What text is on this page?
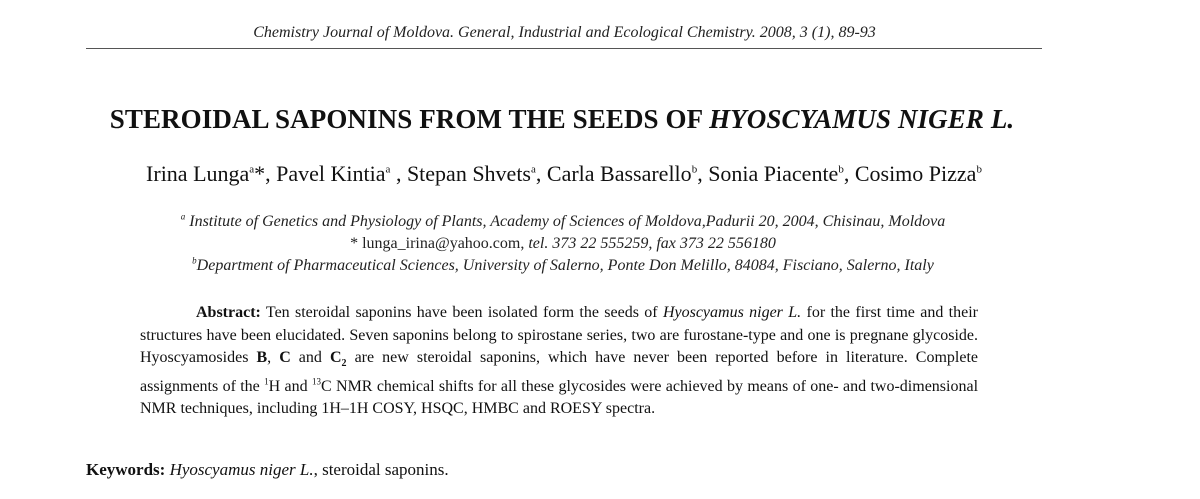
Chemistry Journal of Moldova. General, Industrial and Ecological Chemistry. 2008, 3 (1), 89-93
STEROIDAL SAPONINS FROM THE SEEDS OF HYOSCYAMUS NIGER L.
Irina Lunga$^a$*, Pavel Kintia$^a$ , Stepan Shvets$^a$, Carla Bassarello$^b$, Sonia Piacente$^b$, Cosimo Pizza$^b$
$^a$ Institute of Genetics and Physiology of Plants, Academy of Sciences of Moldova,Padurii 20, 2004, Chisinau, Moldova
* lunga_irina@yahoo.com, tel. 373 22 555259, fax 373 22 556180
$^b$Department of Pharmaceutical Sciences, University of Salerno, Ponte Don Melillo, 84084, Fisciano, Salerno, Italy
Abstract: Ten steroidal saponins have been isolated form the seeds of Hyoscyamus niger L. for the first time and their structures have been elucidated. Seven saponins belong to spirostane series, two are furostane-type and one is pregnane glycoside. Hyoscyamosides B, C and $C_2$ are new steroidal saponins, which have never been reported before in literature. Complete assignments of the $^1$H and $^{13}$C NMR chemical shifts for all these glycosides were achieved by means of one- and two-dimensional NMR techniques, including 1H–1H COSY, HSQC, HMBC and ROESY spectra.
Keywords: Hyoscyamus niger L., steroidal saponins.
